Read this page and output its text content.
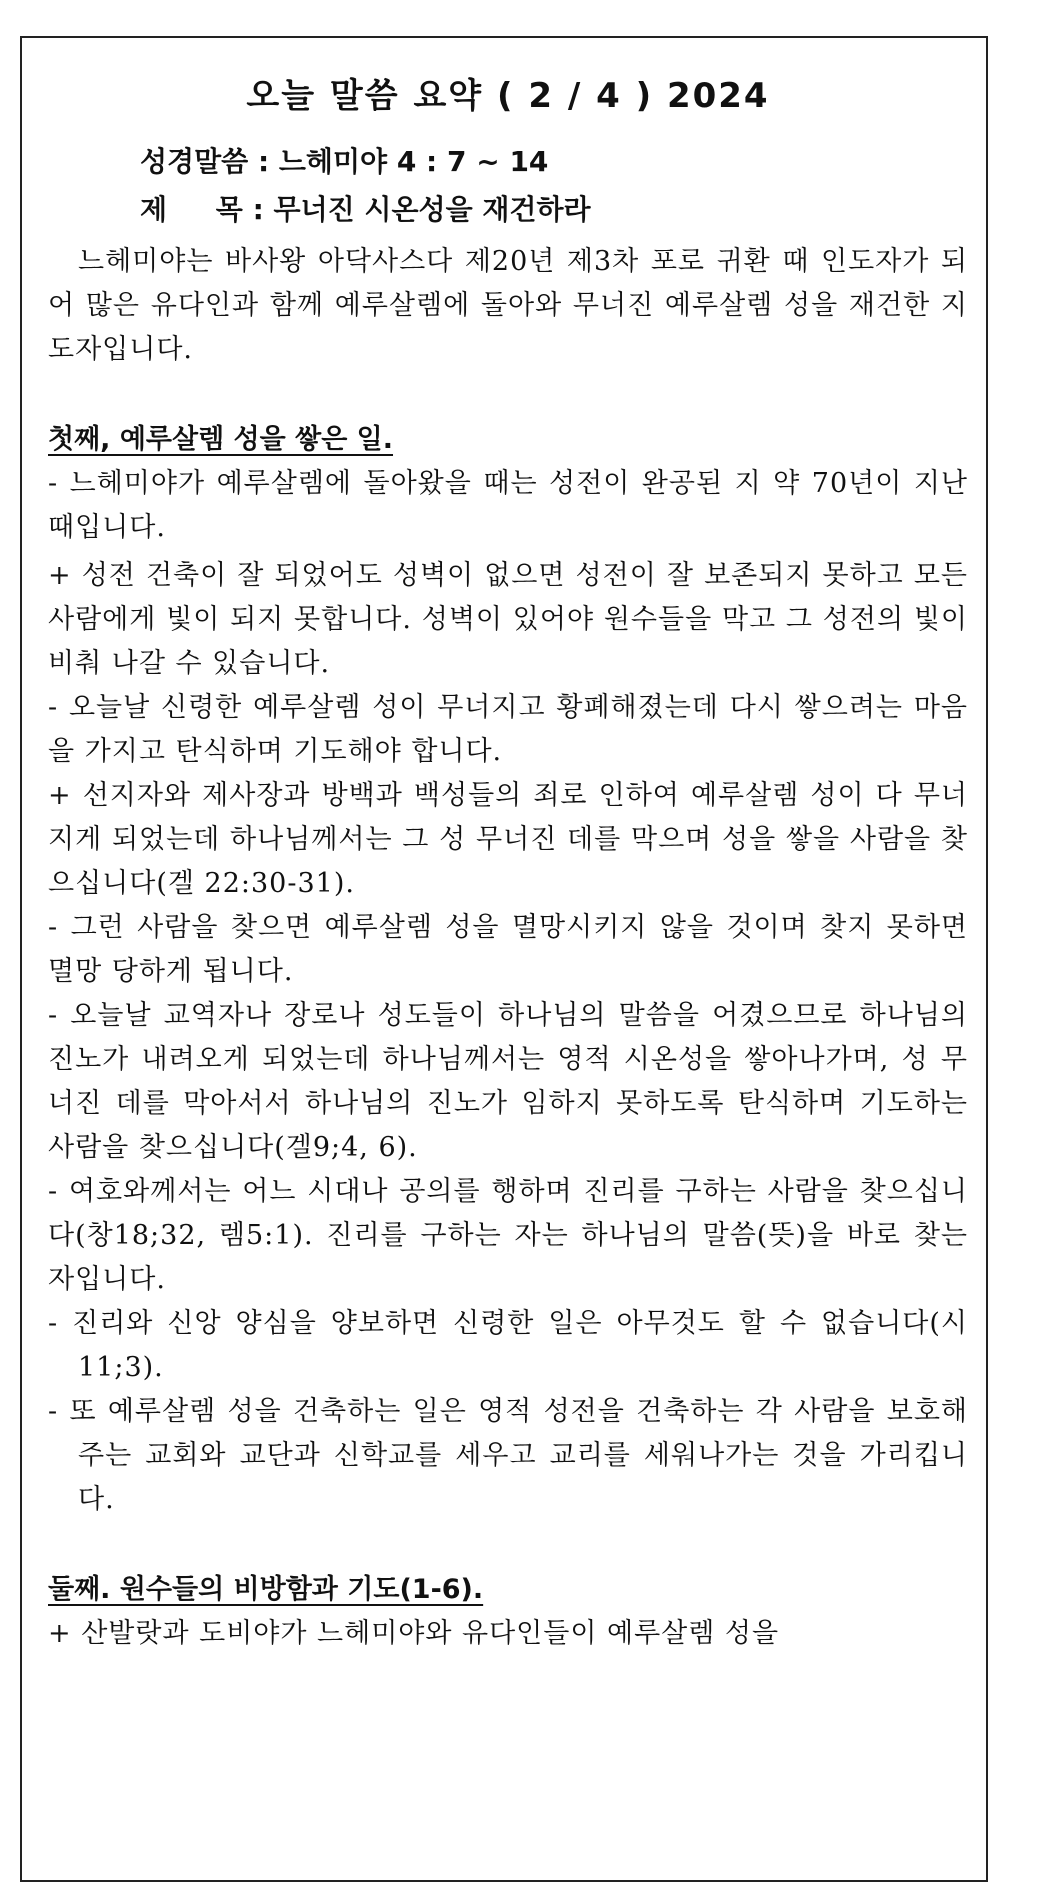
오늘 말씀 요약 ( 2 / 4 ) 2024
성경말씀 : 느헤미야 4 : 7 ~ 14
제     목 : 무너진 시온성을 재건하라

느헤미야는 바사왕 아닥사스다 제20년 제3차 포로 귀환 때 인도자가 되어 많은 유다인과 함께 예루살렘에 돌아와 무너진 예루살렘 성을 재건한 지도자입니다.

첫째, 예루살렘 성을 쌓은 일.
- 느헤미야가 예루살렘에 돌아왔을 때는 성전이 완공된 지 약 70년이 지난 때입니다.
+ 성전 건축이 잘 되었어도 성벽이 없으면 성전이 잘 보존되지 못하고 모든 사람에게 빛이 되지 못합니다. 성벽이 있어야 원수들을 막고 그 성전의 빛이 비춰 나갈 수 있습니다.
- 오늘날 신령한 예루살렘 성이 무너지고 황폐해졌는데 다시 쌓으려는 마음을 가지고 탄식하며 기도해야 합니다.
+ 선지자와 제사장과 방백과 백성들의 죄로 인하여 예루살렘 성이 다 무너지게 되었는데 하나님께서는 그 성 무너진 데를 막으며 성을 쌓을 사람을 찾으십니다(겔 22:30-31).
- 그런 사람을 찾으면 예루살렘 성을 멸망시키지 않을 것이며 찾지 못하면 멸망 당하게 됩니다.
- 오늘날 교역자나 장로나 성도들이 하나님의 말씀을 어겼으므로 하나님의 진노가 내려오게 되었는데 하나님께서는 영적 시온성을 쌓아나가며, 성 무너진 데를 막아서서 하나님의 진노가 임하지 못하도록 탄식하며 기도하는 사람을 찾으십니다(겔9;4, 6).
- 여호와께서는 어느 시대나 공의를 행하며 진리를 구하는 사람을 찾으십니다(창18;32, 렘5:1). 진리를 구하는 자는 하나님의 말씀(뜻)을 바로 찾는 자입니다.
- 진리와 신앙 양심을 양보하면 신령한 일은 아무것도 할 수 없습니다(시11;3).
- 또 예루살렘 성을 건축하는 일은 영적 성전을 건축하는 각 사람을 보호해주는 교회와 교단과 신학교를 세우고 교리를 세워나가는 것을 가리킵니다.
둘째. 원수들의 비방함과 기도(1-6).
+ 산발랏과 도비야가 느헤미야와 유다인들이 예루살렘 성을
